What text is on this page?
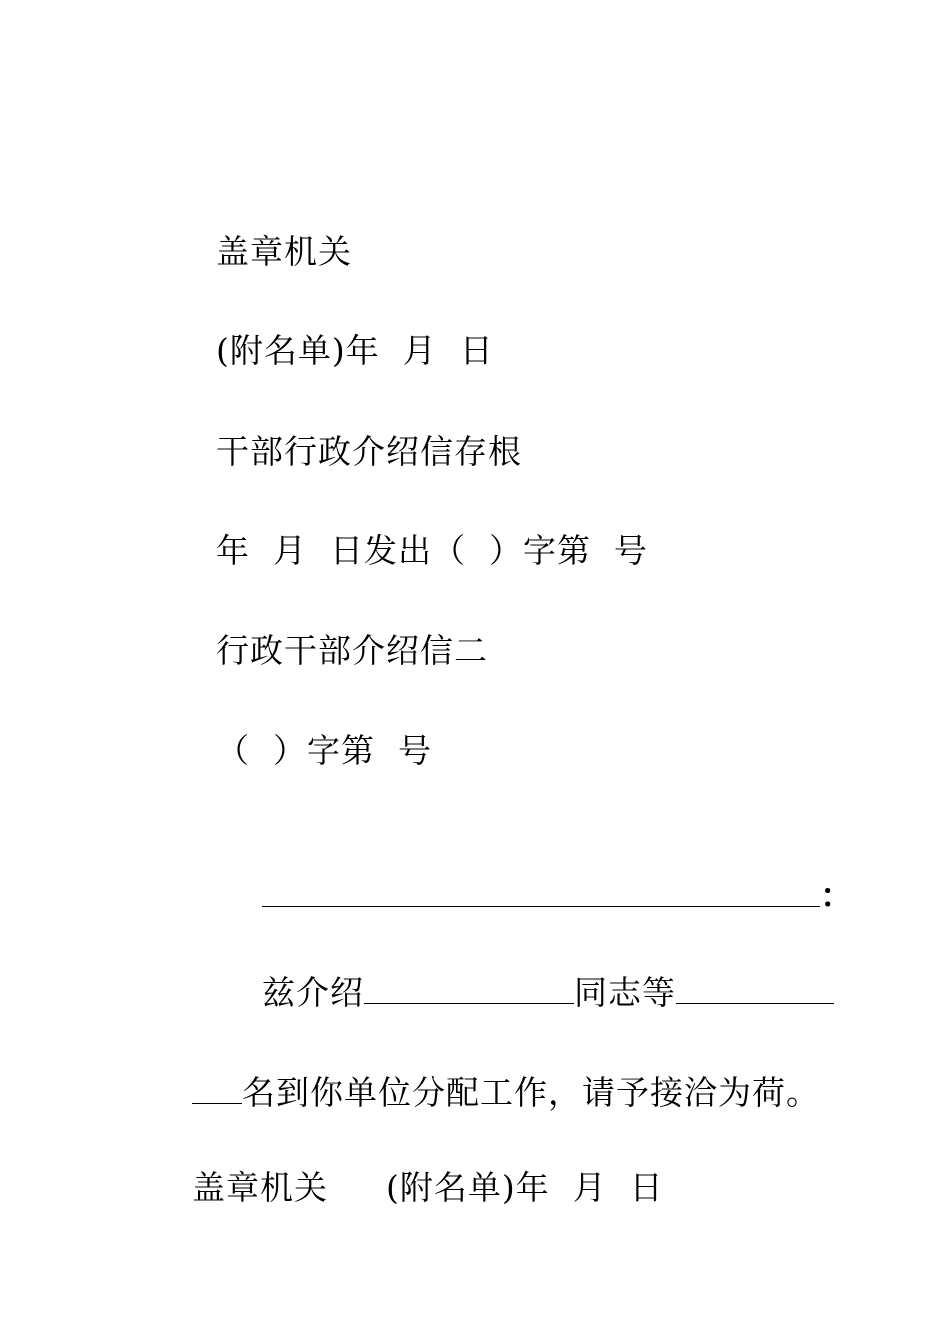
盖章机关
(附名单)年  月  日
干部行政介绍信存根
年  月  日发出（  ）字第  号
行政干部介绍信二
（  ）字第  号

：

兹介绍	同志等

名到你单位分配工作，请予接洽为荷。

盖章机关 (附名单)年  月  日
